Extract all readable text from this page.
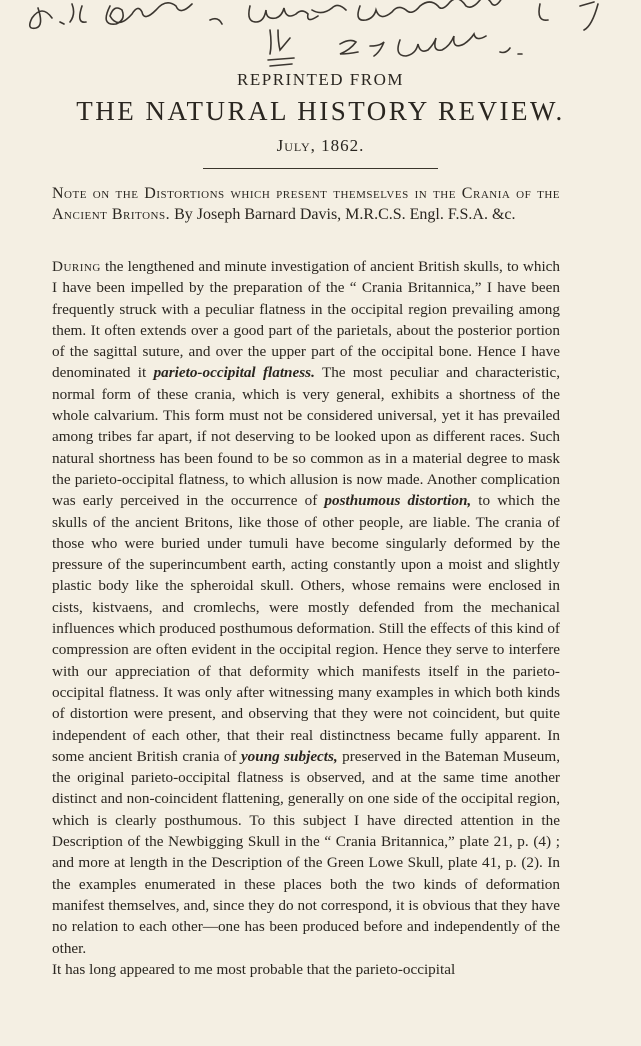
REPRINTED FROM
THE NATURAL HISTORY REVIEW.
July, 1862.
Note on the Distortions which present themselves in the Crania of the Ancient Britons. By Joseph Barnard Davis, M.R.C.S. Engl. F.S.A. &c.

During the lengthened and minute investigation of ancient British skulls, to which I have been impelled by the preparation of the “ Crania Britannica,” I have been frequently struck with a peculiar flatness in the occipital region prevailing among them. It often extends over a good part of the parietals, about the posterior portion of the sagittal suture, and over the upper part of the occipital bone. Hence I have denominated it parieto-occipital flatness. The most peculiar and characteristic, normal form of these crania, which is very general, exhibits a shortness of the whole calvarium. This form must not be considered universal, yet it has prevailed among tribes far apart, if not deserving to be looked upon as different races. Such natural shortness has been found to be so common as in a material degree to mask the parieto-occipital flatness, to which allusion is now made. Another complication was early perceived in the occurrence of posthumous distortion, to which the skulls of the ancient Britons, like those of other people, are liable. The crania of those who were buried under tumuli have become singularly deformed by the pressure of the superincumbent earth, acting constantly upon a moist and slightly plastic body like the spheroidal skull. Others, whose remains were enclosed in cists, kistvaens, and cromlechs, were mostly defended from the mechanical influences which produced posthumous deformation. Still the effects of this kind of compression are often evident in the occipital region. Hence they serve to interfere with our appreciation of that deformity which manifests itself in the parieto-occipital flatness. It was only after witnessing many examples in which both kinds of distortion were present, and observing that they were not coincident, but quite independent of each other, that their real distinctness became fully apparent. In some ancient British crania of young subjects, preserved in the Bateman Museum, the original parieto-occipital flatness is observed, and at the same time another distinct and non-coincident flattening, generally on one side of the occipital region, which is clearly posthumous. To this subject I have directed attention in the Description of the Newbigging Skull in the “ Crania Britannica,” plate 21, p. (4) ; and more at length in the Description of the Green Lowe Skull, plate 41, p. (2). In the examples enumerated in these places both the two kinds of deformation manifest themselves, and, since they do not correspond, it is obvious that they have no relation to each other—one has been produced before and independently of the other.

It has long appeared to me most probable that the parieto-occipital
